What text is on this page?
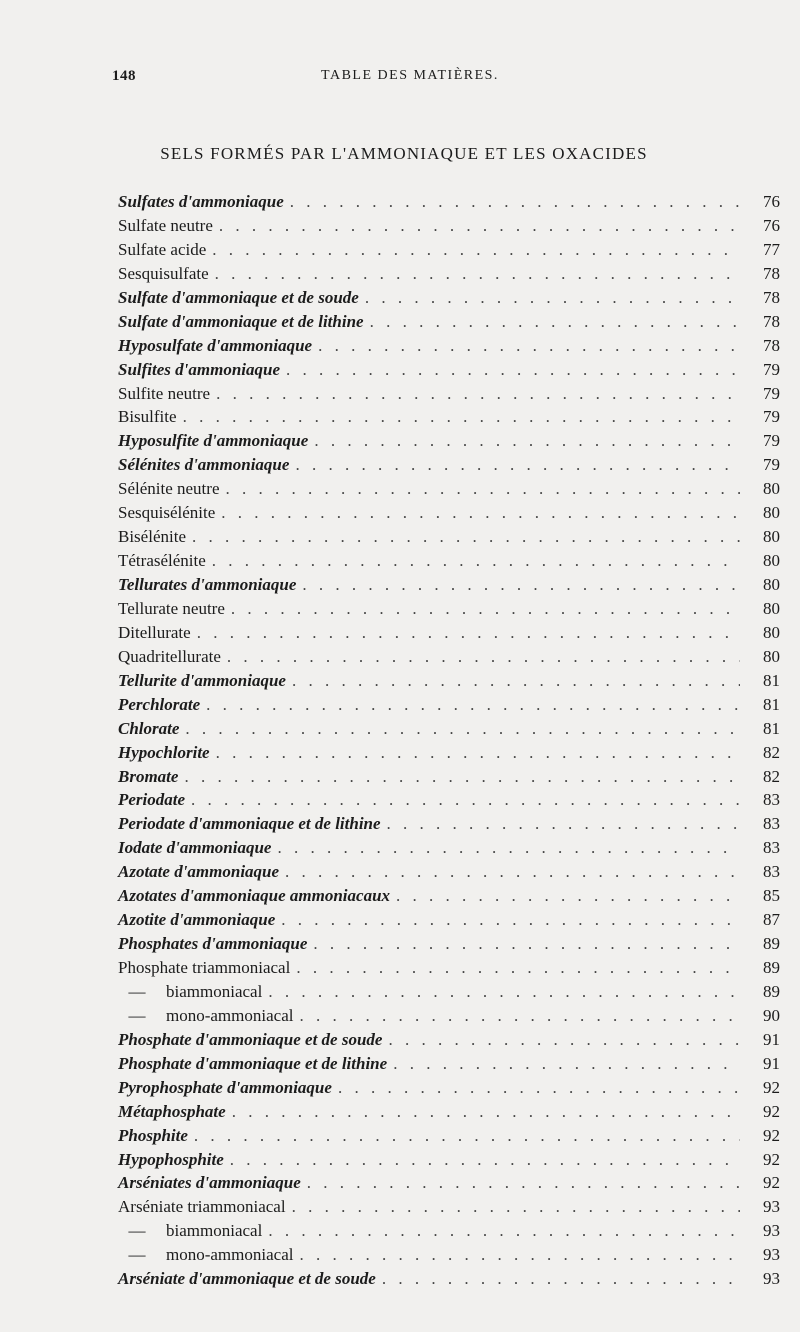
148	TABLE DES MATIÈRES.
SELS FORMÉS PAR L'AMMONIAQUE ET LES OXACIDES
Sulfates d'ammoniaque . . .	76
Sulfate neutre . . .	76
Sulfate acide . . .	77
Sesquisulfate . . .	78
Sulfate d'ammoniaque et de soude . . .	78
Sulfate d'ammoniaque et de lithine . . .	78
Hyposulfate d'ammoniaque . . .	78
Sulfites d'ammoniaque . . .	79
Sulfite neutre . . .	79
Bisulfite . . .	79
Hyposulfite d'ammoniaque . . .	79
Sélénites d'ammoniaque . . .	79
Sélénite neutre . . .	80
Sesquisélénite . . .	80
Bisélénite . . .	80
Tétrasélénite . . .	80
Tellurates d'ammoniaque . . .	80
Tellurate neutre . . .	80
Ditellurate . . .	80
Quadritellurate . . .	80
Tellurite d'ammoniaque . . .	81
Perchlorate . . .	81
Chlorate . . .	81
Hypochlorite . . .	82
Bromate . . .	82
Periodate . . .	83
Periodate d'ammoniaque et de lithine . . .	83
Iodate d'ammoniaque . . .	83
Azotate d'ammoniaque . . .	83
Azotates d'ammoniaque ammoniacaux . . .	85
Azotite d'ammoniaque . . .	87
Phosphates d'ammoniaque . . .	89
Phosphate triammoniacal . . .	89
— biammoniacal . . .	89
— mono-ammoniacal . . .	90
Phosphate d'ammoniaque et de soude . . .	91
Phosphate d'ammoniaque et de lithine . . .	91
Pyrophosphate d'ammoniaque . . .	92
Métaphosphate . . .	92
Phosphite . . .	92
Hypophosphite . . .	92
Arséniates d'ammoniaque . . .	92
Arséniate triammoniacal . . .	93
— biammoniacal . . .	93
— mono-ammoniacal . . .	93
Arséniate d'ammoniaque et de soude . . .	93
